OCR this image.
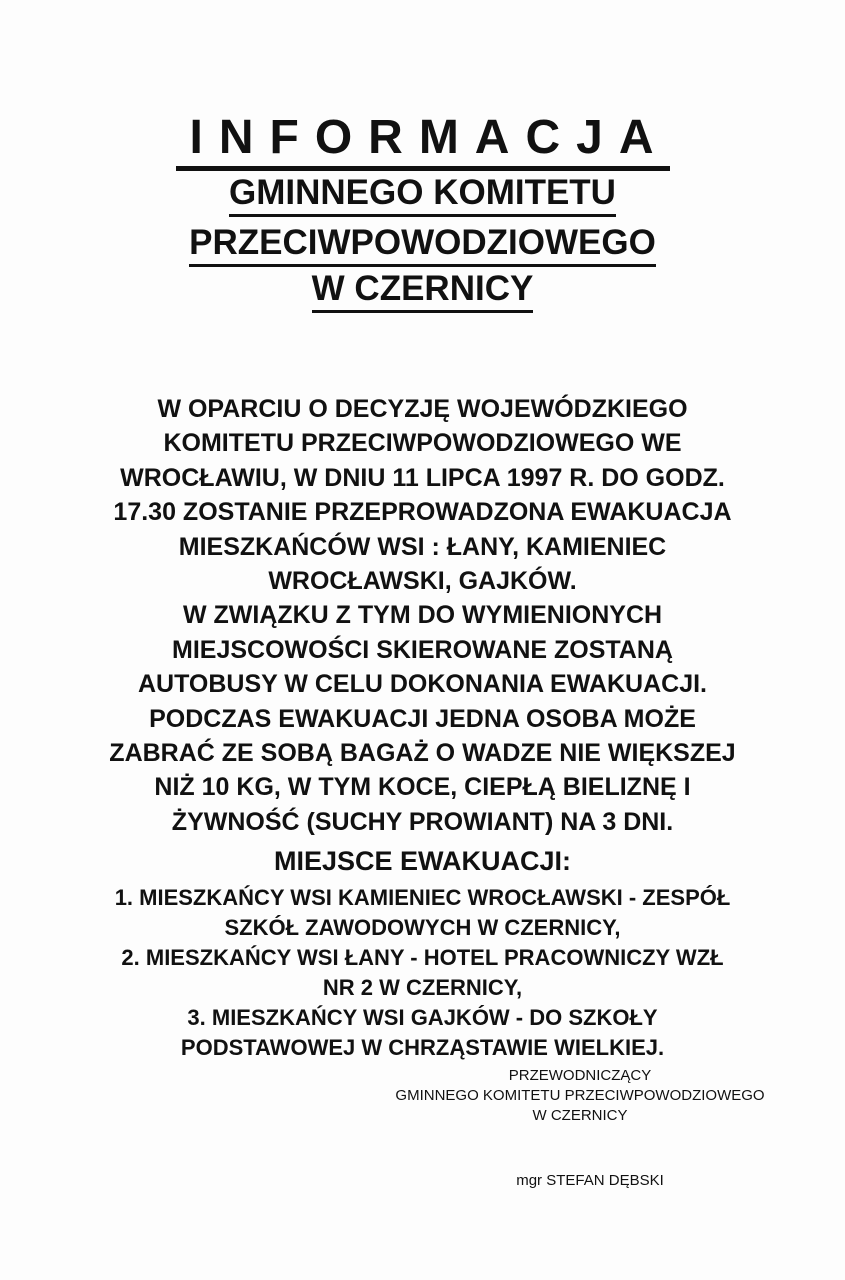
INFORMACJA
GMINNEGO KOMITETU
PRZECIWPOWODZIOWEGO
W CZERNICY
W OPARCIU O DECYZJĘ WOJEWÓDZKIEGO
KOMITETU PRZECIWPOWODZIOWEGO WE
WROCŁAWIU, W DNIU 11 LIPCA 1997 R. DO GODZ.
17.30 ZOSTANIE PRZEPROWADZONA EWAKUACJA
MIESZKAŃCÓW WSI : ŁANY, KAMIENIEC
WROCŁAWSKI, GAJKÓW.
W ZWIĄZKU Z TYM DO WYMIENIONYCH
MIEJSCOWOŚCI SKIEROWANE ZOSTANĄ
AUTOBUSY W CELU DOKONANIA EWAKUACJI.
PODCZAS EWAKUACJI JEDNA OSOBA MOŻE
ZABRAĆ ZE SOBĄ BAGAŻ O WADZE NIE WIĘKSZEJ
NIŻ 10 KG, W TYM KOCE, CIEPŁĄ BIELIZNĘ I
ŻYWNOŚĆ (SUCHY PROWIANT) NA 3 DNI.
MIEJSCE EWAKUACJI:
1. MIESZKAŃCY WSI KAMIENIEC WROCŁAWSKI - ZESPÓŁ
SZKÓŁ ZAWODOWYCH W CZERNICY,
2. MIESZKAŃCY WSI ŁANY - HOTEL PRACOWNICZY WZŁ
NR 2 W CZERNICY,
3. MIESZKAŃCY WSI GAJKÓW - DO SZKOŁY
PODSTAWOWEJ W CHRZĄSTAWIE WIELKIEJ.
PRZEWODNICZĄCY
GMINNEGO KOMITETU PRZECIWPOWODZIOWEGO
W CZERNICY
mgr STEFAN DĘBSKI
